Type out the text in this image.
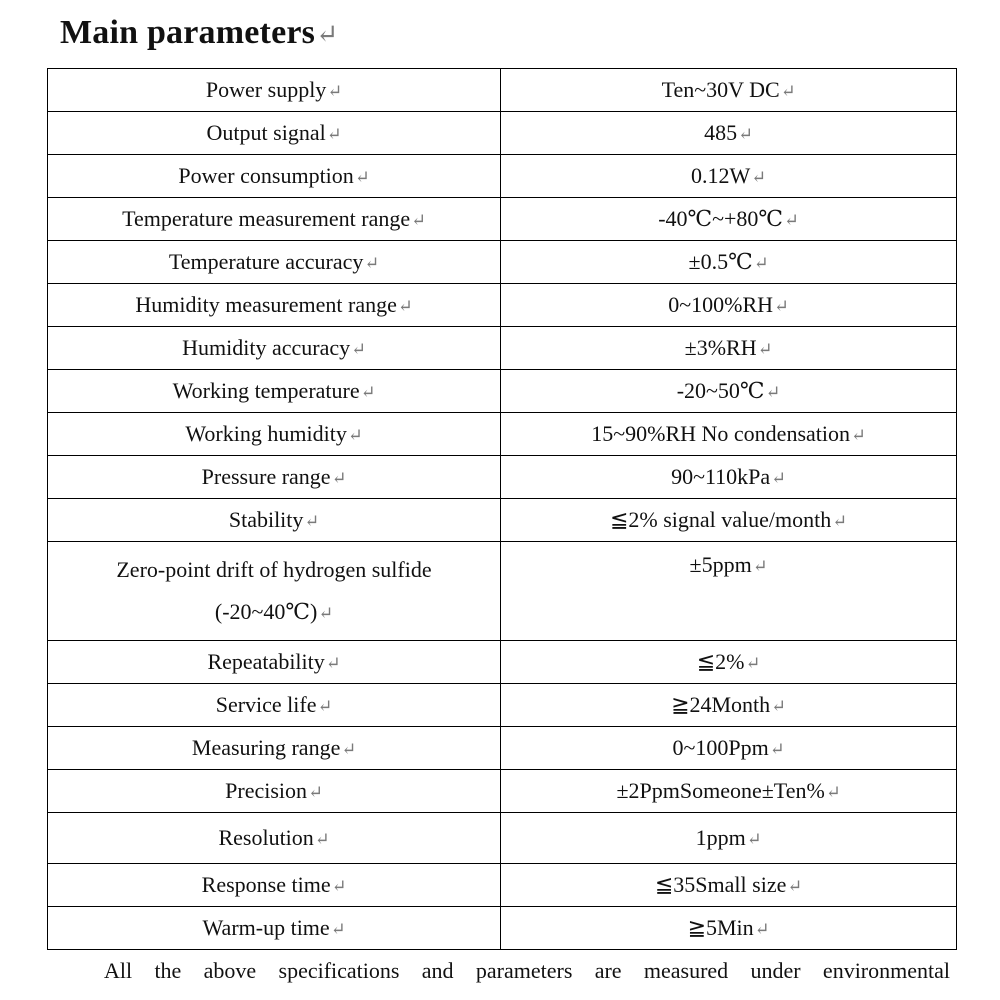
Main parameters↵
Power supply ↵	Ten~30V DC ↵
Output signal ↵	485 ↵
Power consumption ↵	0.12W ↵
Temperature measurement range ↵	-40℃~+80℃ ↵
Temperature accuracy ↵	±0.5℃ ↵
Humidity measurement range ↵	0~100%RH ↵
Humidity accuracy ↵	±3%RH ↵
Working temperature ↵	-20~50℃ ↵
Working humidity ↵	15~90%RH No condensation ↵
Pressure range ↵	90~110kPa ↵
Stability ↵	≦2% signal value/month ↵

Zero-point drift of hydrogen sulfide
(-20~40℃) ↵	±5ppm ↵
Repeatability ↵	≦2% ↵
Service life ↵	≧24Month ↵
Measuring range ↵	0~100Ppm ↵
Precision ↵	±2PpmSomeone±Ten% ↵
Resolution ↵	1ppm ↵
Response time ↵	≦35Small size ↵
Warm-up time ↵	≧5Min ↵
All the above specifications and parameters are measured under environmental
